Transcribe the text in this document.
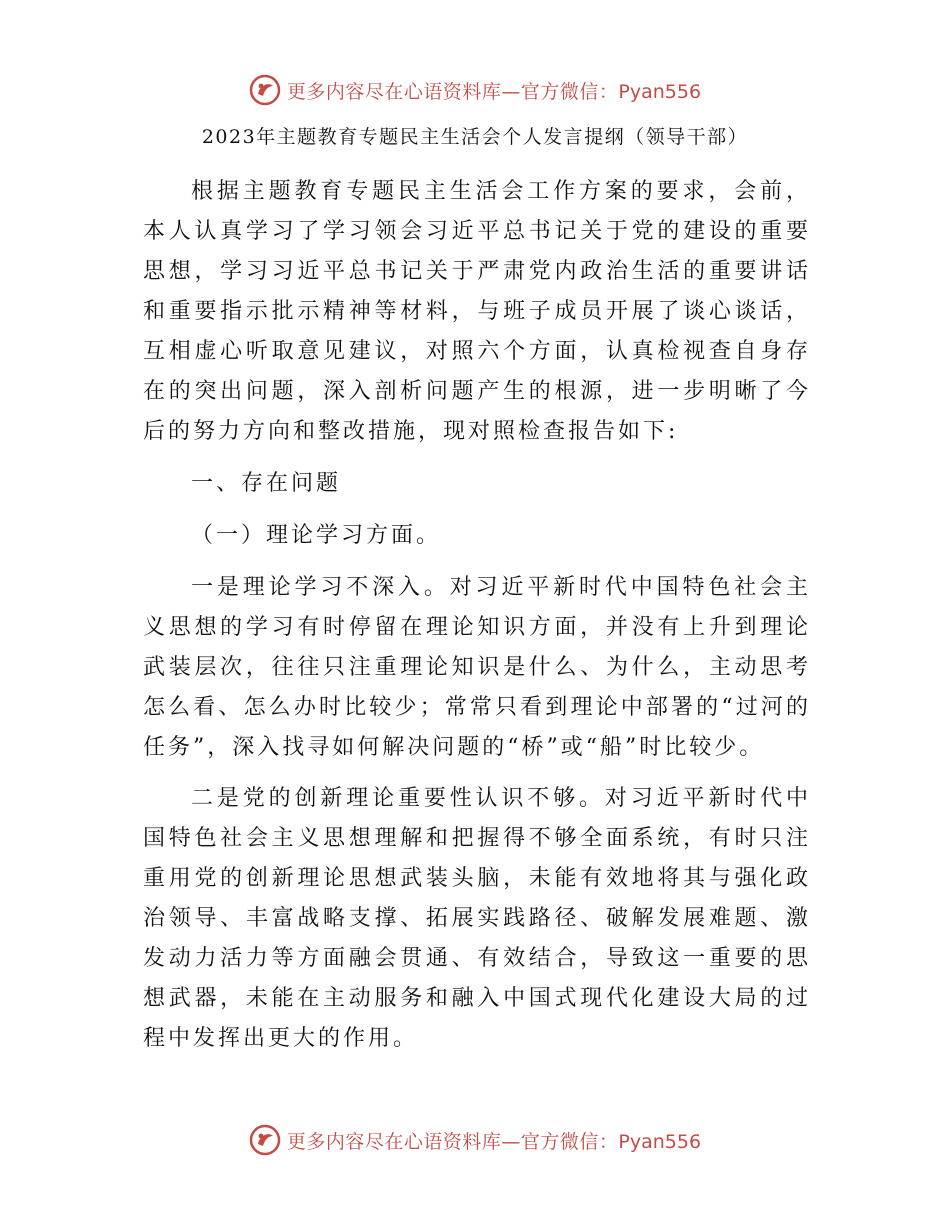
更多内容尽在心语资料库—官方微信：Pyan556
2023年主题教育专题民主生活会个人发言提纲（领导干部）

根据主题教育专题民主生活会工作方案的要求，会前，本人认真学习了学习领会习近平总书记关于党的建设的重要思想，学习习近平总书记关于严肃党内政治生活的重要讲话和重要指示批示精神等材料，与班子成员开展了谈心谈话，互相虚心听取意见建议，对照六个方面，认真检视查自身存在的突出问题，深入剖析问题产生的根源，进一步明晰了今后的努力方向和整改措施，现对照检查报告如下:

一、存在问题

（一）理论学习方面。

一是理论学习不深入。对习近平新时代中国特色社会主义思想的学习有时停留在理论知识方面，并没有上升到理论武装层次，往往只注重理论知识是什么、为什么，主动思考怎么看、怎么办时比较少；常常只看到理论中部署的“过河的任务”，深入找寻如何解决问题的“桥”或“船”时比较少。

二是党的创新理论重要性认识不够。对习近平新时代中国特色社会主义思想理解和把握得不够全面系统，有时只注重用党的创新理论思想武装头脑，未能有效地将其与强化政治领导、丰富战略支撑、拓展实践路径、破解发展难题、激发动力活力等方面融会贯通、有效结合，导致这一重要的思想武器，未能在主动服务和融入中国式现代化建设大局的过程中发挥出更大的作用。

更多内容尽在心语资料库—官方微信：Pyan556
